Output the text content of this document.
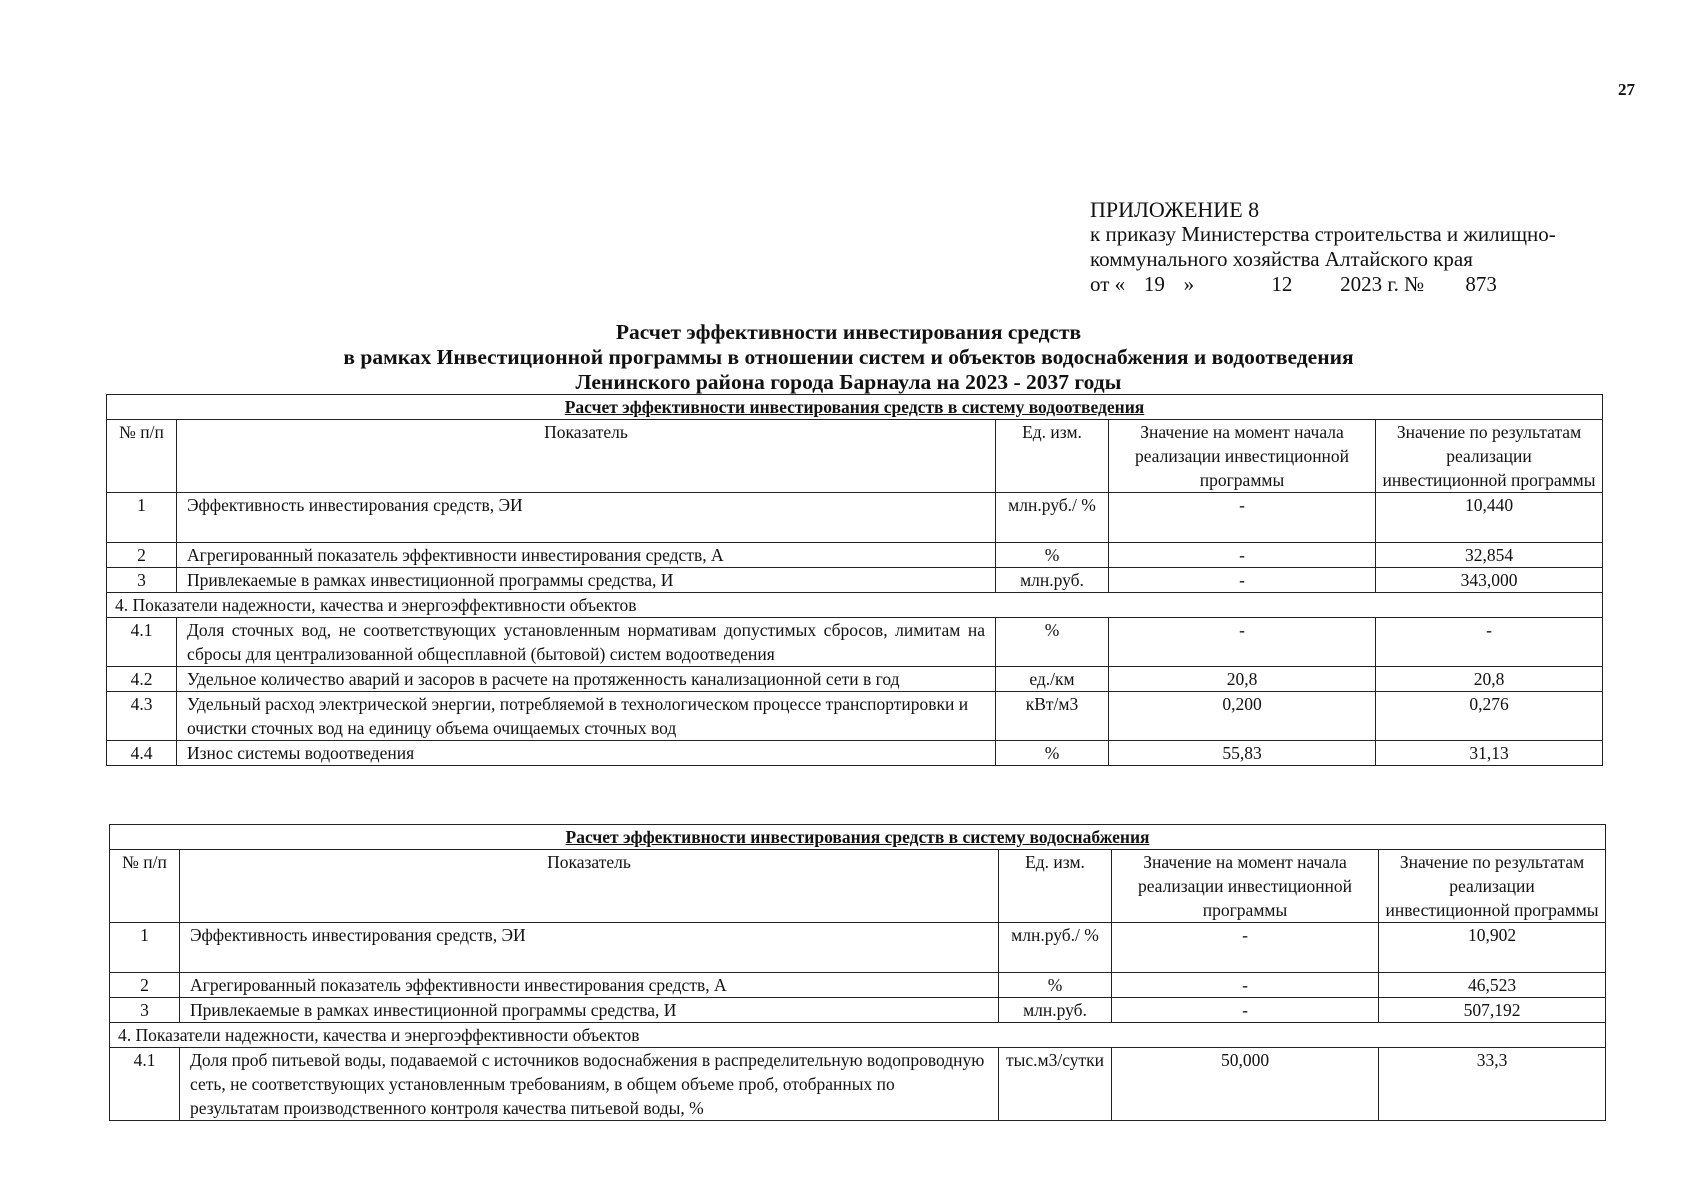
27
ПРИЛОЖЕНИЕ 8
к приказу Министерства строительства и жилищно-
коммунального хозяйства Алтайского края
от « 19 »	12 2023 г. № 873
Расчет эффективности инвестирования средств
в рамках Инвестиционной программы в отношении систем и объектов водоснабжения и водоотведения
Ленинского района города Барнаула на 2023 - 2037 годы
Расчет эффективности инвестирования средств в систему водоотведения				
№ п/п	Показатель	Ед. изм.	Значение на момент начала реализации инвестиционной программы	Значение по результатам реализации инвестиционной программы
1	Эффективность инвестирования средств, ЭИ	млн.руб./ %	-	10,440
2	Агрегированный показатель эффективности инвестирования средств, А	%	-	32,854
3	Привлекаемые в рамках инвестиционной программы средства, И	млн.руб.	-	343,000
4. Показатели надежности, качества и энергоэффективности объектов				
4.1	Доля сточных вод, не соответствующих установленным нормативам допустимых сбросов, лимитам на сбросы для централизованной общесплавной (бытовой) систем водоотведения	%	-	-
4.2	Удельное количество аварий и засоров в расчете на протяженность канализационной сети в год	ед./км	20,8	20,8
4.3	Удельный расход электрической энергии, потребляемой в технологическом процессе транспортировки и очистки сточных вод на единицу объема очищаемых сточных вод	кВт/м3	0,200	0,276
4.4	Износ системы водоотведения	%	55,83	31,13
Расчет эффективности инвестирования средств в систему водоснабжения				
№ п/п	Показатель	Ед. изм.	Значение на момент начала реализации инвестиционной программы	Значение по результатам реализации инвестиционной программы
1	Эффективность инвестирования средств, ЭИ	млн.руб./ %	-	10,902
2	Агрегированный показатель эффективности инвестирования средств, А	%	-	46,523
3	Привлекаемые в рамках инвестиционной программы средства, И	млн.руб.	-	507,192
4. Показатели надежности, качества и энергоэффективности объектов				
4.1	Доля проб питьевой воды, подаваемой с источников водоснабжения в распределительную водопроводную сеть, не соответствующих установленным требованиям, в общем объеме проб, отобранных по результатам производственного контроля качества питьевой воды, %	тыс.м3/сутки	50,000	33,3
